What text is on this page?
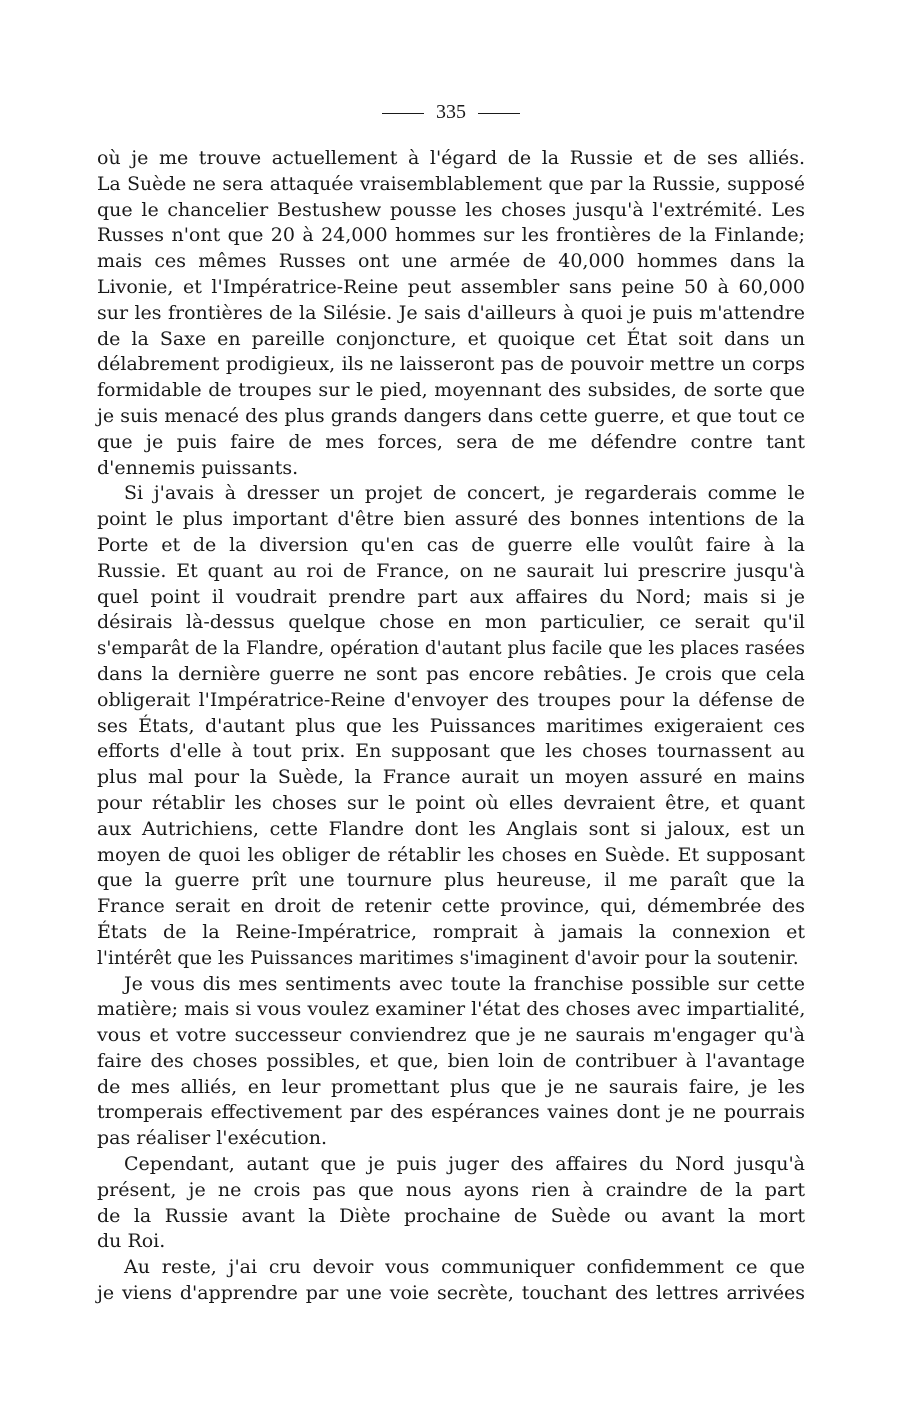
335

où je me trouve actuellement à l'égard de la Russie et de ses alliés.
La Suède ne sera attaquée vraisemblablement que par la Russie, supposé
que le chancelier Bestushew pousse les choses jusqu'à l'extrémité. Les
Russes n'ont que 20 à 24,000 hommes sur les frontières de la Finlande;
mais ces mêmes Russes ont une armée de 40,000 hommes dans la
Livonie, et l'Impératrice-Reine peut assembler sans peine 50 à 60,000
sur les frontières de la Silésie. Je sais d'ailleurs à quoi je puis m'attendre
de la Saxe en pareille conjoncture, et quoique cet État soit dans un
délabrement prodigieux, ils ne laisseront pas de pouvoir mettre un corps
formidable de troupes sur le pied, moyennant des subsides, de sorte que
je suis menacé des plus grands dangers dans cette guerre, et que tout ce
que je puis faire de mes forces, sera de me défendre contre tant
d'ennemis puissants.

Si j'avais à dresser un projet de concert, je regarderais comme le
point le plus important d'être bien assuré des bonnes intentions de la
Porte et de la diversion qu'en cas de guerre elle voulût faire à la
Russie. Et quant au roi de France, on ne saurait lui prescrire jusqu'à
quel point il voudrait prendre part aux affaires du Nord; mais si je
désirais là-dessus quelque chose en mon particulier, ce serait qu'il
s'emparât de la Flandre, opération d'autant plus facile que les places rasées
dans la dernière guerre ne sont pas encore rebâties. Je crois que cela
obligerait l'Impératrice-Reine d'envoyer des troupes pour la défense de
ses États, d'autant plus que les Puissances maritimes exigeraient ces
efforts d'elle à tout prix. En supposant que les choses tournassent au
plus mal pour la Suède, la France aurait un moyen assuré en mains
pour rétablir les choses sur le point où elles devraient être, et quant
aux Autrichiens, cette Flandre dont les Anglais sont si jaloux, est un
moyen de quoi les obliger de rétablir les choses en Suède. Et supposant
que la guerre prît une tournure plus heureuse, il me paraît que la
France serait en droit de retenir cette province, qui, démembrée des
États de la Reine-Impératrice, romprait à jamais la connexion et
l'intérêt que les Puissances maritimes s'imaginent d'avoir pour la soutenir.

Je vous dis mes sentiments avec toute la franchise possible sur cette
matière; mais si vous voulez examiner l'état des choses avec impartialité,
vous et votre successeur conviendrez que je ne saurais m'engager qu'à
faire des choses possibles, et que, bien loin de contribuer à l'avantage
de mes alliés, en leur promettant plus que je ne saurais faire, je les
tromperais effectivement par des espérances vaines dont je ne pourrais
pas réaliser l'exécution.

Cependant, autant que je puis juger des affaires du Nord jusqu'à
présent, je ne crois pas que nous ayons rien à craindre de la part
de la Russie avant la Diète prochaine de Suède ou avant la mort
du Roi.

Au reste, j'ai cru devoir vous communiquer confidemment ce que
je viens d'apprendre par une voie secrète, touchant des lettres arrivées
